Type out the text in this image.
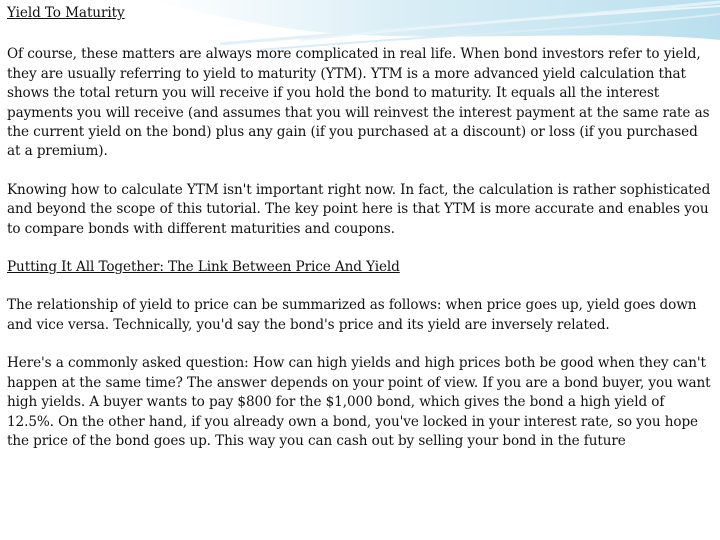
Yield To Maturity

Of course, these matters are always more complicated in real life. When bond investors refer to yield, they are usually referring to yield to maturity (YTM). YTM is a more advanced yield calculation that shows the total return you will receive if you hold the bond to maturity. It equals all the interest payments you will receive (and assumes that you will reinvest the interest payment at the same rate as the current yield on the bond) plus any gain (if you purchased at a discount) or loss (if you purchased at a premium).

Knowing how to calculate YTM isn't important right now. In fact, the calculation is rather sophisticated and beyond the scope of this tutorial. The key point here is that YTM is more accurate and enables you to compare bonds with different maturities and coupons.

Putting It All Together: The Link Between Price And Yield

The relationship of yield to price can be summarized as follows: when price goes up, yield goes down and vice versa. Technically, you'd say the bond's price and its yield are inversely related.

Here's a commonly asked question: How can high yields and high prices both be good when they can't happen at the same time? The answer depends on your point of view. If you are a bond buyer, you want high yields. A buyer wants to pay $800 for the $1,000 bond, which gives the bond a high yield of 12.5%. On the other hand, if you already own a bond, you've locked in your interest rate, so you hope the price of the bond goes up. This way you can cash out by selling your bond in the future
